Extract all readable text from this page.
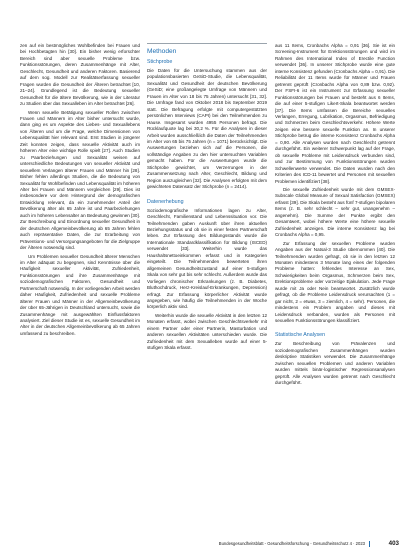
zen auf ein bestmögliches Wohlbefinden bei Frauen und bei Hochbetagten hin [30]. Ein bisher wenig erforschter Bereich sind aber sexuelle Probleme bzw. Funktionsstörungen, deren Zusammenhänge mit Alter, Geschlecht, Gesundheit und anderen Faktoren. Basierend auf dem sog. Modell zur Realitätserfassung sexueller Fragen wurden die Gesundheit der Älteren betrachtet [10, 21–24]. Grundlegend ist die Bedeutung sexueller Gesundheit für die ältere Bevölkerung, wie in der Literatur zu Studien über das Sexualleben im Alter betrachtet [26].

Wenn sexuelle Betätigung sexueller Rollen zwischen Frauen und Männern im Alter bisher untersucht wurde, dann ging es um Aspekte des Liebes- und Sexuallebens von Älteren und um die Frage, welche Dimensionen von Lebensqualität hier relevant sind. Erst Studien in jüngerer Zeit konnten zeigen, dass sexuelle Aktivität auch im höheren Alter eine wichtige Rolle spielt [27]. Auch Studien zu Paarbeziehungen und Sexualität weisen auf unterschiedliche Bedeutungen von sexueller Aktivität und sexuellem Verlangen älterer Frauen und Männer hin [28]. Bisher fehlen allerdings Studien, die die Bedeutung von Sexualität für Wohlbefinden und Lebensqualität im höheren Alter bei Frauen und Männern vergleichen [29]. Dies ist insbesondere vor dem Hintergrund der demografischen Entwicklung relevant, da ein zunehmender Anteil der Bevölkerung älter als 65 Jahre ist und Paarbeziehungen auch im höheren Lebensalter an Bedeutung gewinnen [30]. Zur Beschreibung und Einordnung sexueller Gesundheit in der deutschen Allgemeinbevölkerung ab 65 Jahren fehlen auch repräsentative Daten, die zur Erarbeitung von Präventions- und Versorgungsangeboten für die Zielgruppe der Älteren notwendig sind.

Um Problemen sexueller Gesundheit älterer Menschen im Alter adäquat zu begegnen, sind Kenntnisse über die Häufigkeit sexueller Aktivität, Zufriedenheit, Funktionsstörungen und ihre Zusammenhänge mit soziodemografischen Faktoren, Gesundheit und Partnerschaft notwendig. In der vorliegenden Arbeit werden daher Häufigkeit, Zufriedenheit und sexuelle Probleme älterer Frauen und Männer in der Allgemeinbevölkerung der über 65-Jährigen in Deutschland untersucht, sowie die Zusammenhänge mit ausgewählten Einflussfaktoren analysiert. Ziel dieser Studie ist es, sexuelle Gesundheit im Alter in der deutschen Allgemeinbevölkerung ab 65 Jahren umfassend zu beschreiben.

Methoden
Stichprobe

Die Daten für die Untersuchung stammen aus der populationsbasierten GeSiD-Studie, die Lebensqualität, Sexualität und Gesundheit der deutschen Bevölkerung (GeSiD; eine großangelegte Umfrage von Männern und Frauen im Alter von 18 bis 75 Jahren) untersucht [31, 32]. Die Umfrage fand von Oktober 2018 bis September 2019 statt. Die Befragung erfolgte mit computergestützten persönlichen Interviews (CAPI) bei den Teilnehmenden zu Hause. Insgesamt wurden 4955 Personen befragt. Die Rücklaufquote lag bei 30,2 %. Für die Analysen in dieser Arbeit wurden ausschließlich die Daten der Teilnehmenden im Alter von 65 bis 75 Jahren (n = 1071) berücksichtigt. Die Auswertungen beziehen sich auf die Personen, die vollständige Angaben zu den hier untersuchten Variablen gemacht haben. Für die Auswertungen wurde die Stichprobe gewichtet, um Verzerrungen in der Zusammensetzung nach Alter, Geschlecht, Bildung und Region auszugleichen [32]. Die Analysen erfolgten mit dem gewichteten Datensatz der Stichprobe (n = 2414).

Datenerhebung

Soziodemografische Informationen lagen zu Alter, Geschlecht, Familienstand und Lebenssituation vor. Die Teilnehmenden gaben Auskunft über ihren aktuellen Beziehungsstatus und ob sie in einer festen Partnerschaft leben. Zur Erfassung des Bildungsstands wurde die Internationale Standardklassifikation für Bildung (ISCED) verwendet [33]. Weiterhin wurde das Haushaltsnettoeinkommen erfasst und in Kategorien eingeteilt. Die Teilnehmenden bewerteten ihren allgemeinen Gesundheitszustand auf einer 5-stufigen Skala von sehr gut bis sehr schlecht. Außerdem wurde das Vorliegen chronischer Erkrankungen (z. B. Diabetes, Bluthochdruck, Herz-Kreislauf-Erkrankungen, Depression) erfragt. Zur Erfassung körperlicher Aktivität wurde angegeben, wie häufig die Teilnehmenden in der Woche körperlich aktiv sind.

Weiterhin wurde die sexuelle Aktivität in den letzten 12 Monaten erfasst, wobei zwischen Geschlechtsverkehr mit einem Partner oder einer Partnerin, Masturbation und anderen sexuellen Aktivitäten unterschieden wurde. Die Zufriedenheit mit dem Sexualleben wurde auf einer 5-stufigen Skala erfasst.

aus 11 Items, Cronbachs Alpha = 0,91 [36]. Sie ist ein Screening-Instrument für Erektionsstörungen und wird im Rahmen des International Index of Erectile Function verwendet [36]. In unserer Stichprobe wurde eine gute interne Konsistenz gefunden (Cronbachs Alpha = 0,91). Die Reliabilität der 11 Items wurde für Männer und Frauen getrennt geprüft (Cronbachs Alpha von 0,89 bzw. 0,92). Der FSFI-6 ist ein Instrument zur Erfassung sexueller Funktionsstörungen bei Frauen und besteht aus 6 Items, die auf einer 5-stufigen Likert-Skala beantwortet werden [37]. Die Items umfassen die Bereiche sexuelles Verlangen, Erregung, Lubrikation, Orgasmus, Befriedigung und Schmerzen beim Geschlechtsverkehr. Höhere Werte zeigen eine bessere sexuelle Funktion an. In unserer Stichprobe betrug die interne Konsistenz Cronbachs Alpha = 0,90. Alle Analysen wurden nach Geschlecht getrennt durchgeführt. Ein weiterer Schwerpunkt lag auf der Frage, ob sexuelle Probleme mit Leidensdruck verbunden sind, und zur Bestimmung von Funktionsstörungen wurden Schwellenwerte verwendet. Die Daten wurden nach den Kriterien des ICD-11 bewertet und Personen mit sexuellen Problemen identifiziert [38].

Die sexuelle Zufriedenheit wurde mit dem GMSEX-Subscale Global Measure of Sexual Satisfaction (GMSEX) erfasst [39]. Die Skala besteht aus fünf 7-stufigen bipolaren Items (z. B. sehr schlecht – sehr gut, unangenehm – angenehm). Die Summe der Punkte ergibt den Gesamtwert, wobei höhere Werte eine höhere sexuelle Zufriedenheit anzeigen. Die interne Konsistenz lag bei Cronbachs Alpha = 0,95.

Zur Erfassung der sexuellen Probleme wurden Angaben aus der Natsal-3 Studie übernommen [40]. Die Teilnehmenden wurden gefragt, ob sie in den letzten 12 Monaten mindestens 3 Monate lang eines der folgenden Probleme hatten: fehlendes Interesse an Sex, Schwierigkeiten beim Orgasmus, Schmerzen beim Sex, Erektionsprobleme oder vorzeitige Ejakulation. Jede Frage wurde mit Ja oder Nein beantwortet. Zusätzlich wurde gefragt, ob die Probleme Leidensdruck verursachten (1 = gar nicht, 2 = etwas, 3 = ziemlich, 4 = sehr). Personen, die mindestens ein Problem angaben und dieses mit Leidensdruck verbanden, wurden als Personen mit sexuellen Funktionsstörungen klassifiziert.

Statistische Analysen

Zur Beschreibung von Prävalenzen und soziodemografischen Zusammenhängen wurden deskriptive Statistiken verwendet. Die Zusammenhänge zwischen sexuellen Problemen und anderen Variablen wurden mittels binär-logistischer Regressionsanalysen geprüft. Alle Analysen wurden getrennt nach Geschlecht durchgeführt.

Bundesgesundheitsblatt - Gesundheitsforschung - Gesundheitsschutz 4 · 2023	403
